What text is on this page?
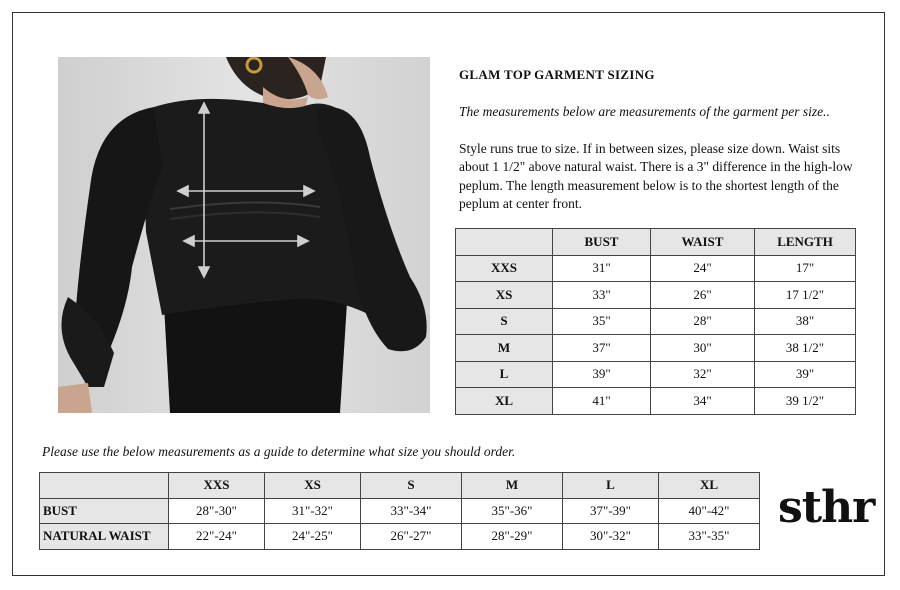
GLAM TOP GARMENT SIZING
The measurements below are measurements of the garment per size..
Style runs true to size. If in between sizes, please size down. Waist sits about 1 1/2" above natural waist. There is a 3" difference in the high-low peplum. The length measurement below is to the shortest length of the peplum at center front.
	BUST	WAIST	LENGTH
XXS	31"	24"	17"
XS	33"	26"	17 1/2"
S	35"	28"	38"
M	37"	30"	38 1/2"
L	39"	32"	39"
XL	41"	34"	39 1/2"
Please use the below measurements as a guide to determine what size you should order.
	XXS	XS	S	M	L	XL
BUST	28"-30"	31"-32"	33"-34"	35"-36"	37"-39"	40"-42"
NATURAL WAIST	22"-24"	24"-25"	26"-27"	28"-29"	30"-32"	33"-35"
sthr
